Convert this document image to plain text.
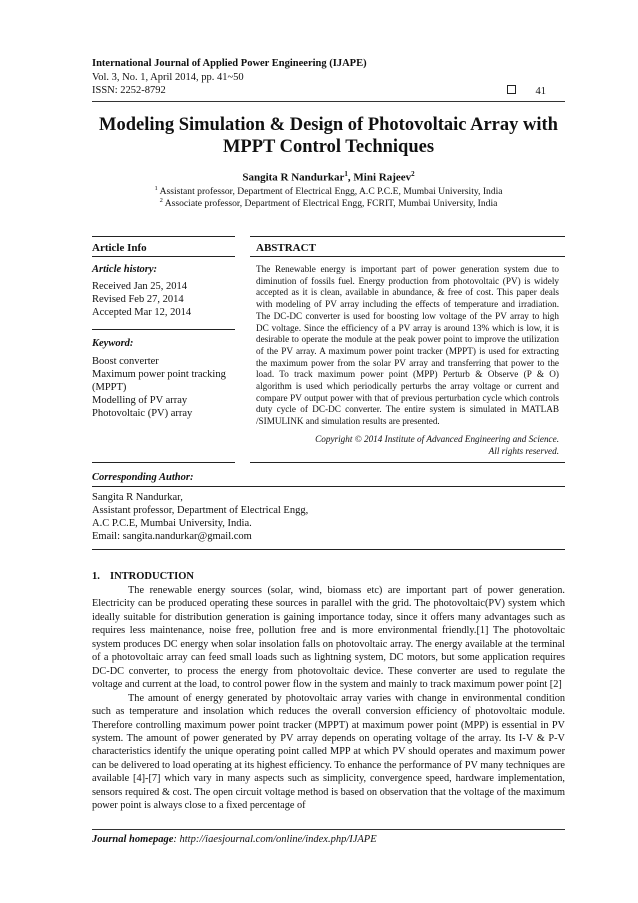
International Journal of Applied Power Engineering (IJAPE)
Vol. 3, No. 1, April 2014, pp. 41~50
ISSN: 2252-8792	41
Modeling Simulation & Design of Photovoltaic Array with
MPPT Control Techniques
Sangita R Nandurkar$^1$, Mini Rajeev$^2$
$^1$ Assistant professor, Department of Electrical Engg, A.C P.C.E, Mumbai University, India
$^2$ Associate professor, Department of Electrical Engg, FCRIT, Mumbai University, India
Article Info	ABSTRACT
Article history:
Received Jan 25, 2014
Revised Feb 27, 2014
Accepted Mar 12, 2014
Keyword:
Boost converter
Maximum power point tracking
(MPPT)
Modelling of PV array
Photovoltaic (PV) array
The Renewable energy is important part of power generation system due to diminution of fossils fuel. Energy production from photovoltaic (PV) is widely accepted as it is clean, available in abundance, & free of cost. This paper deals with modeling of PV array including the effects of temperature and irradiation. The DC-DC converter is used for boosting low voltage of the PV array to high DC voltage. Since the efficiency of a PV array is around 13% which is low, it is desirable to operate the module at the peak power point to improve the utilization of the PV array. A maximum power point tracker (MPPT) is used for extracting the maximum power from the solar PV array and transferring that power to the load. To track maximum power point (MPP) Perturb & Observe (P & O) algorithm is used which periodically perturbs the array voltage or current and compare PV output power with that of previous perturbation cycle which controls duty cycle of DC-DC converter. The entire system is simulated in MATLAB /SIMULINK and simulation results are presented.
Copyright © 2014 Institute of Advanced Engineering and Science.
All rights reserved.
Corresponding Author:
Sangita R Nandurkar,
Assistant professor, Department of Electrical Engg,
A.C P.C.E, Mumbai University, India.
Email: sangita.nandurkar@gmail.com
1. INTRODUCTION

The renewable energy sources (solar, wind, biomass etc) are important part of power generation. Electricity can be produced operating these sources in parallel with the grid. The photovoltaic(PV) system which ideally suitable for distribution generation is gaining importance today, since it offers many advantages such as requires less maintenance, noise free, pollution free and is more environmental friendly.[1] The photovoltaic system produces DC energy when solar insolation falls on photovoltaic array. The energy available at the terminal of a photovoltaic array can feed small loads such as lightning system, DC motors, but some application requires DC-DC converter, to process the energy from photovoltaic device. These converter are used to regulate the voltage and current at the load, to control power flow in the system and mainly to track maximum power point [2]

The amount of energy generated by photovoltaic array varies with change in environmental condition such as temperature and insolation which reduces the overall conversion efficiency of photovoltaic module. Therefore controlling maximum power point tracker (MPPT) at maximum power point (MPP) is essential in PV system. The amount of power generated by PV array depends on operating voltage of the array. Its I-V & P-V characteristics identify the unique operating point called MPP at which PV should operates and maximum power can be delivered to load operating at its highest efficiency. To enhance the performance of PV many techniques are available [4]-[7] which vary in many aspects such as simplicity, convergence speed, hardware implementation, sensors required & cost. The open circuit voltage method is based on observation that the voltage of the maximum power point is always close to a fixed percentage of

Journal homepage: http://iaesjournal.com/online/index.php/IJAPE
